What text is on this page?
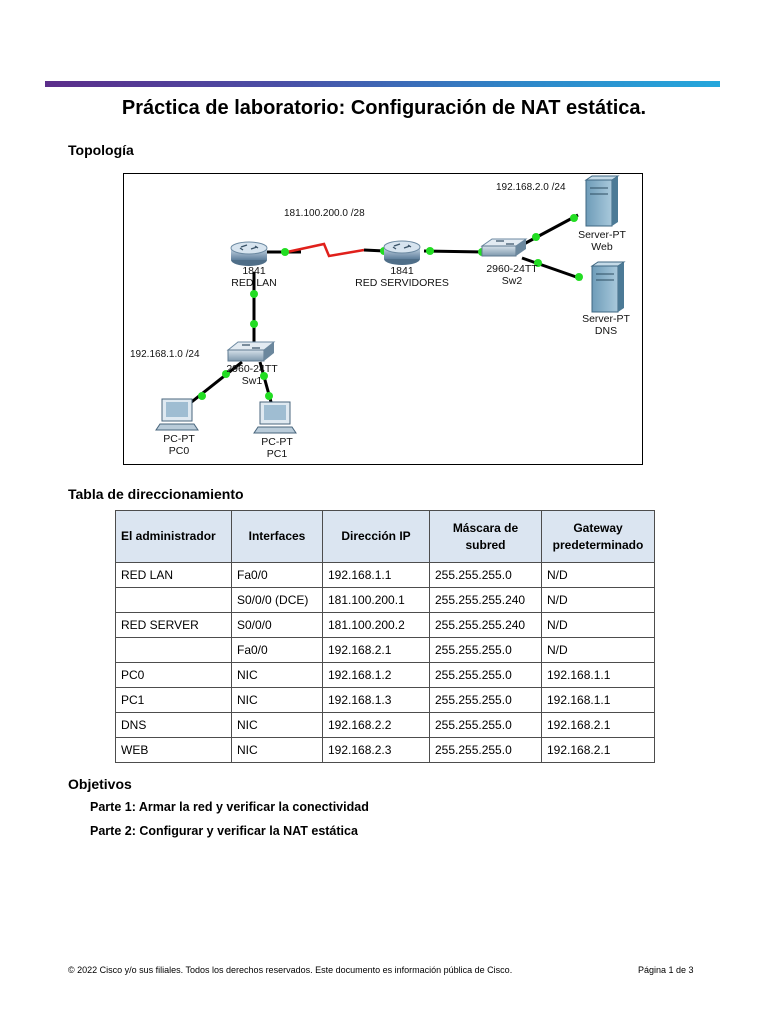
Práctica de laboratorio: Configuración de NAT estática.
Topología
181.100.200.0 /28
192.168.2.0 /24
192.168.1.0 /24
1841
RED LAN
1841
RED SERVIDORES
2960-24TT
Sw2
2960-24TT
Sw1
Server-PT
Web
Server-PT
DNS
PC-PT
PC0
PC-PT
PC1
Tabla de direccionamiento
El administrador	Interfaces	Dirección IP	Máscara de subred	Gateway predeterminado
RED LAN	Fa0/0	192.168.1.1	255.255.255.0	N/D
	S0/0/0 (DCE)	181.100.200.1	255.255.255.240	N/D
RED SERVER	S0/0/0	181.100.200.2	255.255.255.240	N/D
	Fa0/0	192.168.2.1	255.255.255.0	N/D
PC0	NIC	192.168.1.2	255.255.255.0	192.168.1.1
PC1	NIC	192.168.1.3	255.255.255.0	192.168.1.1
DNS	NIC	192.168.2.2	255.255.255.0	192.168.2.1
WEB	NIC	192.168.2.3	255.255.255.0	192.168.2.1
Objetivos
Parte 1: Armar la red y verificar la conectividad
Parte 2: Configurar y verificar la NAT estática
© 2022 Cisco y/o sus filiales. Todos los derechos reservados. Este documento es información pública de Cisco.	Página 1 de 3
